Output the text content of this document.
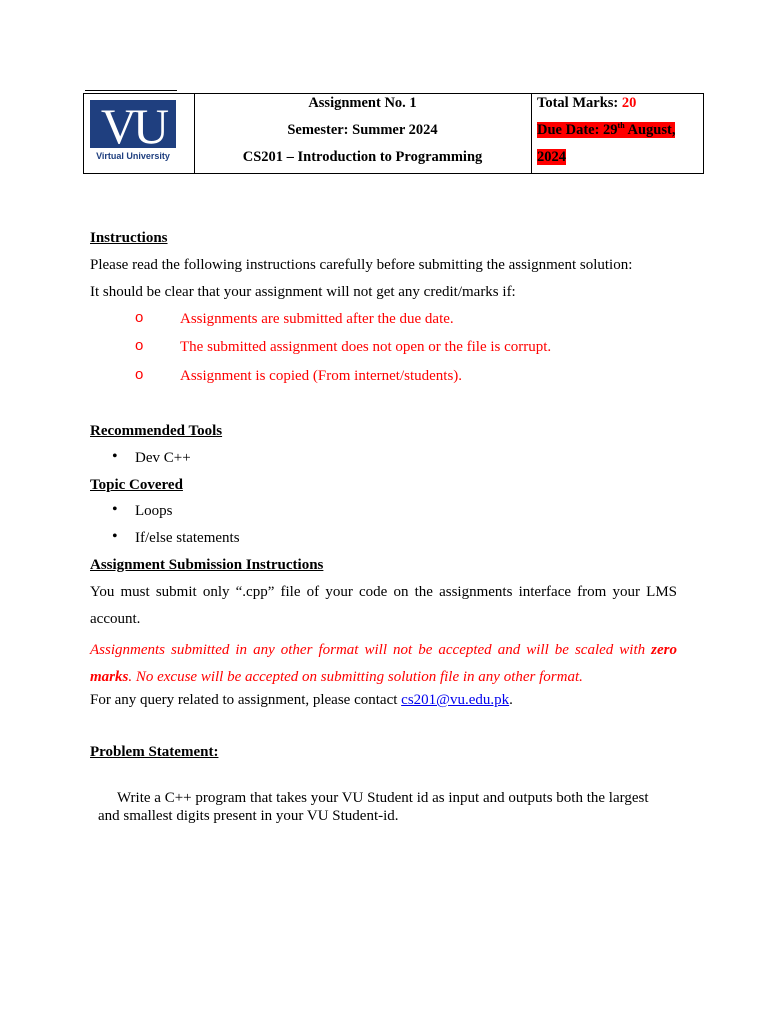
VU
Virtual University
Assignment No. 1
Semester: Summer 2024
CS201 – Introduction to Programming
Total Marks: 20
Due Date: 29th August,
2024
Instructions
Please read the following instructions carefully before submitting the assignment solution:
It should be clear that your assignment will not get any credit/marks if:
o Assignments are submitted after the due date.
o The submitted assignment does not open or the file is corrupt.
o Assignment is copied (From internet/students).
Recommended Tools
• Dev C++
Topic Covered
• Loops
• If/else statements
Assignment Submission Instructions
You must submit only “.cpp” file of your code on the assignments interface from your LMS
account.
Assignments submitted in any other format will not be accepted and will be scaled with zero marks. No excuse will be accepted on submitting solution file in any other format.
For any query related to assignment, please contact cs201@vu.edu.pk.
Problem Statement:
Write a C++ program that takes your VU Student id as input and outputs both the largest
and smallest digits present in your VU Student-id.
